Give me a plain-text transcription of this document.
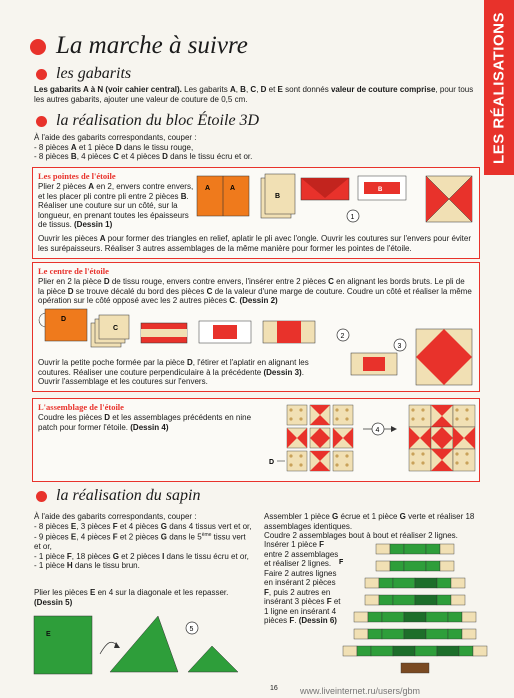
LES RÉALISATIONS
La marche à suivre
les gabarits
Les gabarits A à N (voir cahier central). Les gabarits A, B, C, D et E sont donnés valeur de couture comprise, pour tous les autres gabarits, ajouter une valeur de couture de 0,5 cm.
la réalisation du bloc Étoile 3D
À l'aide des gabarits correspondants, couper :
- 8 pièces A et 1 pièce D dans le tissu rouge,
- 8 pièces B, 4 pièces C et 4 pièces D dans le tissu écru et or.
Les pointes de l'étoile
Plier 2 pièces A en 2, envers contre envers, et les placer pli contre pli entre 2 pièces B.
Réaliser une couture sur un côté, sur la longueur, en prenant toutes les épaisseurs de tissus. (Dessin 1)
Ouvrir les pièces A pour former des triangles en relief, aplatir le pli avec l'ongle. Ouvrir les coutures sur l'envers pour éviter les surépaisseurs. Réaliser 3 autres assemblages de la même manière pour former les pointes de l'étoile.
A	A
B
B
1
Le centre de l'étoile
Plier en 2 la pièce D de tissu rouge, envers contre envers, l'insérer entre 2 pièces C en alignant les bords bruts. Le pli de la pièce D se trouve décalé du bord des pièces C de la valeur d'une marge de couture. Coudre un côté et réaliser la même opération sur le côté opposé avec les 2 autres pièces C. (Dessin 2)
Ouvrir la petite poche formée par la pièce D, l'étirer et l'aplatir en alignant les coutures. Réaliser une couture perpendiculaire à la précédente (Dessin 3).
Ouvrir l'assemblage et les coutures sur l'envers.
D
C
2
3
L'assemblage de l'étoile
Coudre les pièces D et les assemblages précédents en nine patch pour former l'étoile. (Dessin 4)
D
4
la réalisation du sapin
À l'aide des gabarits correspondants, couper :
- 8 pièces E, 3 pièces F et 4 pièces G dans 4 tissus vert et or,
- 9 pièces E, 4 pièces F et 2 pièces G dans le 5ème tissu vert et or,
- 1 pièce F, 18 pièces G et 2 pièces I dans le tissu écru et or,
- 1 pièce H dans le tissu brun.
Plier les pièces E en 4 sur la diagonale et les repasser. (Dessin 5)
Assembler 1 pièce G écrue et 1 pièce G verte et réaliser 18 assemblages identiques.
Coudre 2 assemblages bout à bout et réaliser 2 lignes.
Insérer 1 pièce F entre 2 assemblages et réaliser 2 lignes. Faire 2 autres lignes en insérant 2 pièces F, puis 2 autres en insérant 3 pièces F et 1 ligne en insérant 4 pièces F. (Dessin 6)
E
5
F
16 www.liveinternet.ru/users/gbm
